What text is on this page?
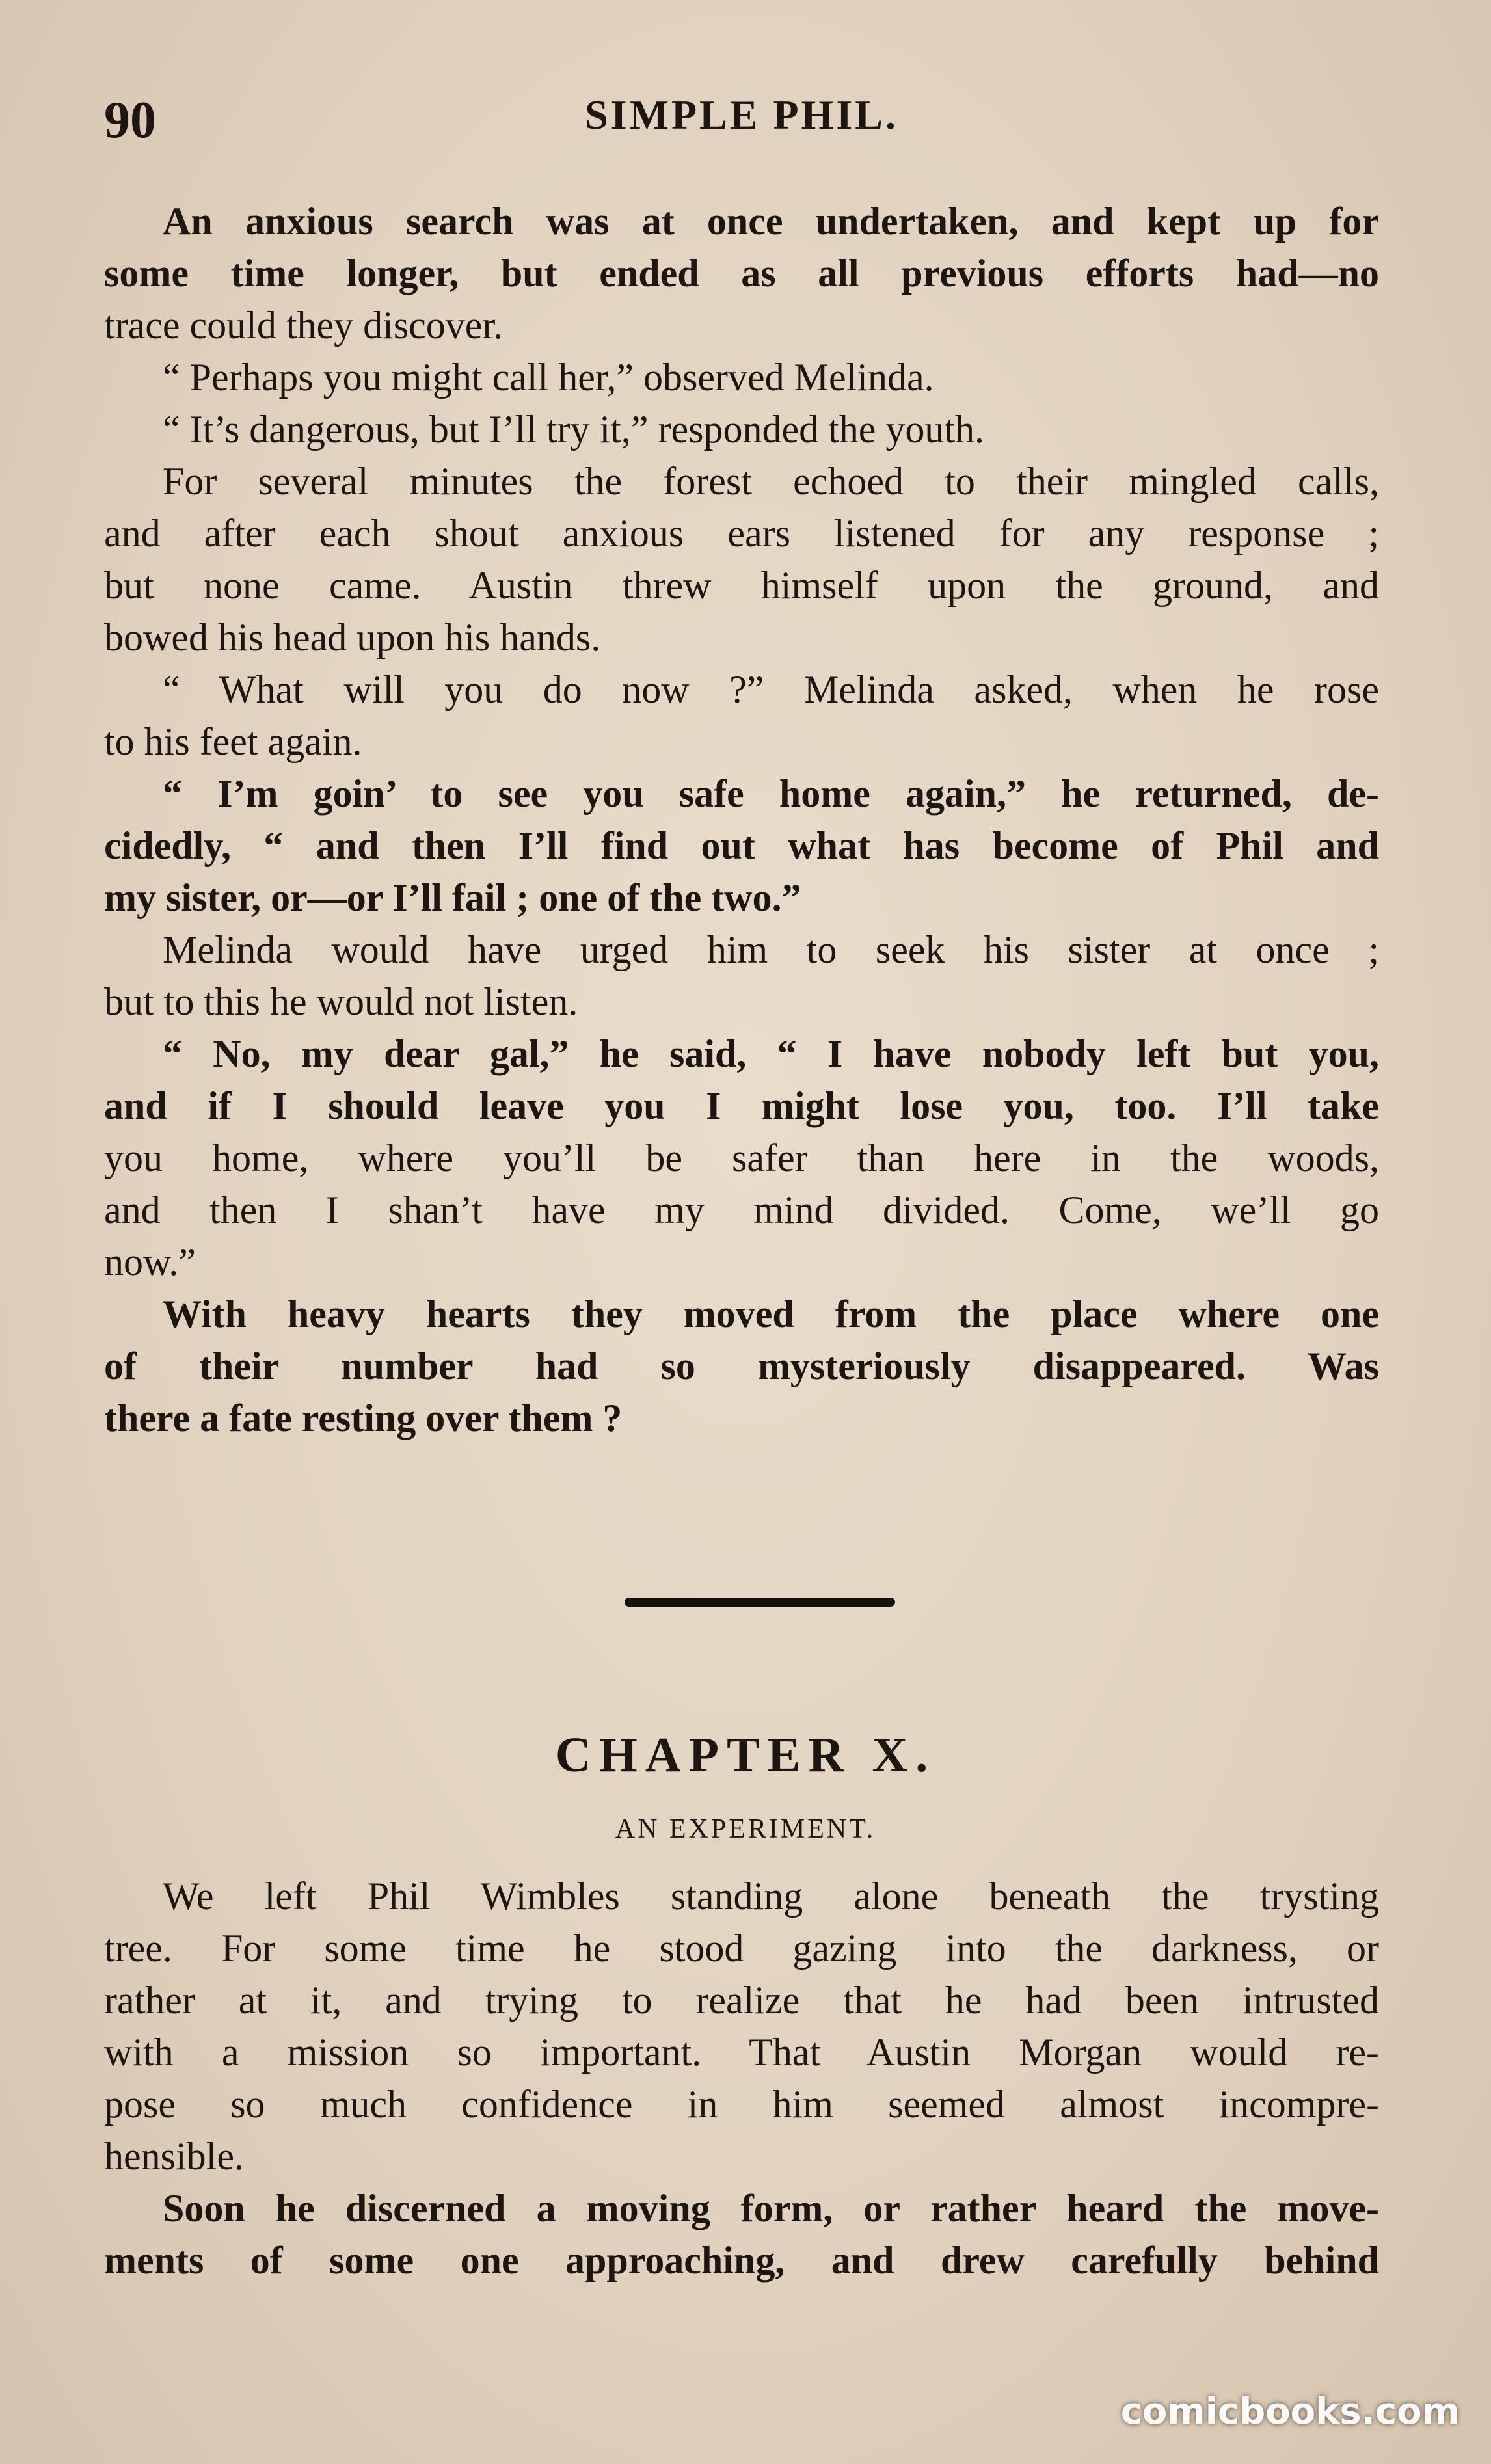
90	SIMPLE PHIL.
An anxious search was at once undertaken, and kept up for
some time longer, but ended as all previous efforts had—no
trace could they discover.
“ Perhaps you might call her,” observed Melinda.
“ It’s dangerous, but I’ll try it,” responded the youth.
For several minutes the forest echoed to their mingled calls,
and after each shout anxious ears listened for any response ;
but none came. Austin threw himself upon the ground, and
bowed his head upon his hands.
“ What will you do now ?” Melinda asked, when he rose
to his feet again.
“ I’m goin’ to see you safe home again,” he returned, de-
cidedly, “ and then I’ll find out what has become of Phil and
my sister, or—or I’ll fail ; one of the two.”
Melinda would have urged him to seek his sister at once ;
but to this he would not listen.
“ No, my dear gal,” he said, “ I have nobody left but you,
and if I should leave you I might lose you, too. I’ll take
you home, where you’ll be safer than here in the woods,
and then I shan’t have my mind divided. Come, we’ll go
now.”
With heavy hearts they moved from the place where one
of their number had so mysteriously disappeared. Was
there a fate resting over them ?
CHAPTER X.
AN EXPERIMENT.
We left Phil Wimbles standing alone beneath the trysting
tree. For some time he stood gazing into the darkness, or
rather at it, and trying to realize that he had been intrusted
with a mission so important. That Austin Morgan would re-
pose so much confidence in him seemed almost incompre-
hensible.
Soon he discerned a moving form, or rather heard the move-
ments of some one approaching, and drew carefully behind
comicbooks.com
